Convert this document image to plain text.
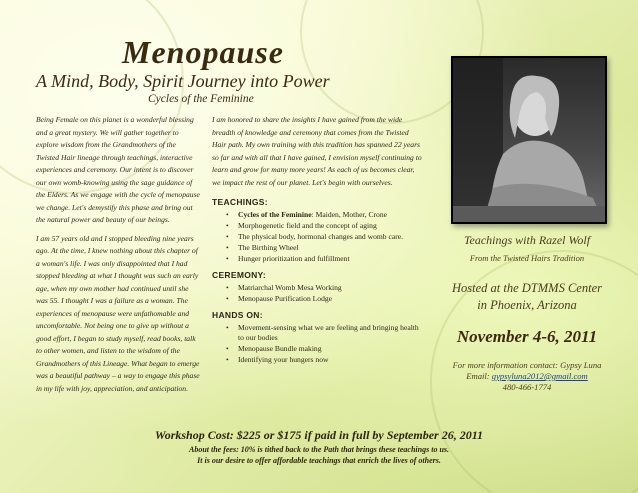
Menopause
A Mind, Body, Spirit Journey into Power
Cycles of the Feminine

Being Female on this planet is a wonderful blessing and a great mystery. We will gather together to explore wisdom from the Grandmothers of the Twisted Hair lineage through teachings, interactive experiences and ceremony. Our intent is to discover our own womb-knowing using the sage guidance of the Elders. As we engage with the cycle of menopause we change. Let's demystify this phase and bring out the natural power and beauty of our beings.

I am 57 years old and I stopped bleeding nine years ago. At the time, I knew nothing about this chapter of a woman's life. I was only disappointed that I had stopped bleeding at what I thought was such an early age, when my own mother had continued until she was 55. I thought I was a failure as a woman. The experiences of menopause were unfathomable and uncomfortable. Not being one to give up without a good effort, I began to study myself, read books, talk to other women, and listen to the wisdom of the Grandmothers of this Lineage. What began to emerge was a beautiful pathway – a way to engage this phase in my life with joy, appreciation, and anticipation.

I am honored to share the insights I have gained from the wide breadth of knowledge and ceremony that comes from the Twisted Hair path. My own training with this tradition has spanned 22 years so far and with all that I have gained, I envision myself continuing to learn and grow for many more years! As each of us becomes clear, we impact the rest of our planet. Let's begin with ourselves.

TEACHINGS:
• Cycles of the Feminine: Maiden, Mother, Crone
• Morphogenetic field and the concept of aging
• The physical body, hormonal changes and womb care.
• The Birthing Wheel
• Hunger prioritization and fulfillment
CEREMONY:
• Matriarchal Womb Mesa Working
• Menopause Purification Lodge
HANDS ON:
• Movement-sensing what we are feeling and bringing health to our bodies
• Menopause Bundle making
• Identifying your hungers now
Teachings with Razel Wolf
From the Twisted Hairs Tradition
Hosted at the DTMMS Center
in Phoenix, Arizona
November 4-6, 2011
For more information contact: Gypsy Luna
Email: gypsyluna2012@gmail.com
480-466-1774
Workshop Cost: $225 or $175 if paid in full by September 26, 2011
About the fees: 10% is tithed back to the Path that brings these teachings to us.
It is our desire to offer affordable teachings that enrich the lives of others.
